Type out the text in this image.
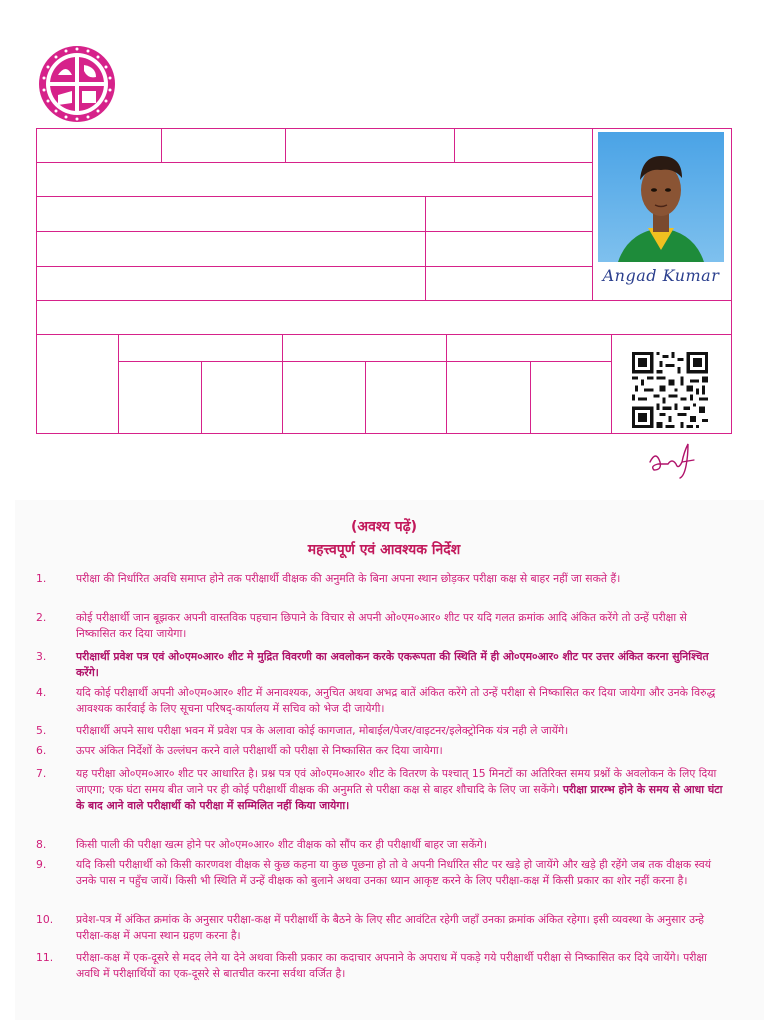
Angad Kumar
(अवश्य पढ़ें)
महत्त्वपूर्ण एवं आवश्यक निर्देश
1.	परीक्षा की निर्धारित अवधि समाप्त होने तक परीक्षार्थी वीक्षक की अनुमति के बिना अपना स्थान छोड़कर परीक्षा कक्ष से बाहर नहीं जा सकते हैं।
2.	कोई परीक्षार्थी जान बूझकर अपनी वास्तविक पहचान छिपाने के विचार से अपनी ओ०एम०आर० शीट पर यदि गलत क्रमांक आदि अंकित करेंगे तो उन्हें परीक्षा से निष्कासित कर दिया जायेगा।
3.	परीक्षार्थी प्रवेश पत्र एवं ओ०एम०आर० शीट मे मुद्रित विवरणी का अवलोकन करके एकरूपता की स्थिति में ही ओ०एम०आर० शीट पर उत्तर अंकित करना सुनिश्चित करेंगे।
4.	यदि कोई परीक्षार्थी अपनी ओ०एम०आर० शीट में अनावश्यक, अनुचित अथवा अभद्र बातें अंकित करेंगे तो उन्हें परीक्षा से निष्कासित कर दिया जायेगा और उनके विरुद्ध आवश्यक कार्रवाई के लिए सूचना परिषद्-कार्यालय में सचिव को भेज दी जायेगी।
5.	परीक्षार्थी अपने साथ परीक्षा भवन में प्रवेश पत्र के अलावा कोई कागजात, मोबाईल/पेजर/वाइटनर/इलेक्ट्रोनिक यंत्र नही ले जायेंगे।
6.	ऊपर अंकित निर्देशों के उल्लंघन करने वाले परीक्षार्थी को परीक्षा से निष्कासित कर दिया जायेगा।
7.	यह परीक्षा ओ०एम०आर० शीट पर आधारित है। प्रश्न पत्र एवं ओ०एम०आर० शीट के वितरण के पश्चात् 15 मिनटों का अतिरिक्त समय प्रश्नों के अवलोकन के लिए दिया जाएगा; एक घंटा समय बीत जाने पर ही कोई परीक्षार्थी वीक्षक की अनुमति से परीक्षा कक्ष से बाहर शौचादि के लिए जा सकेंगे। परीक्षा प्रारम्भ होने के समय से आधा घंटा के बाद आने वाले परीक्षार्थी को परीक्षा में सम्मिलित नहीं किया जायेगा।
8.	किसी पाली की परीक्षा खत्म होने पर ओ०एम०आर० शीट वीक्षक को सौंप कर ही परीक्षार्थी बाहर जा सकेंगे।
9.	यदि किसी परीक्षार्थी को किसी कारणवश वीक्षक से कुछ कहना या कुछ पूछना हो तो वे अपनी निर्धारित सीट पर खड़े हो जायेंगे और खड़े ही रहेंगे जब तक वीक्षक स्वयं उनके पास न पहुँच जायें। किसी भी स्थिति में उन्हें वीक्षक को बुलाने अथवा उनका ध्यान आकृष्ट करने के लिए परीक्षा-कक्ष में किसी प्रकार का शोर नहीं करना है।
10.	प्रवेश-पत्र में अंकित क्रमांक के अनुसार परीक्षा-कक्ष में परीक्षार्थी के बैठने के लिए सीट आवंटित रहेगी जहाँ उनका क्रमांक अंकित रहेगा। इसी व्यवस्था के अनुसार उन्हे परीक्षा-कक्ष में अपना स्थान ग्रहण करना है।
11.	परीक्षा-कक्ष में एक-दूसरे से मदद लेने या देने अथवा किसी प्रकार का कदाचार अपनाने के अपराध में पकड़े गये परीक्षार्थी परीक्षा से निष्कासित कर दिये जायेंगे। परीक्षा अवधि में परीक्षार्थियों का एक-दूसरे से बातचीत करना सर्वथा वर्जित है।
